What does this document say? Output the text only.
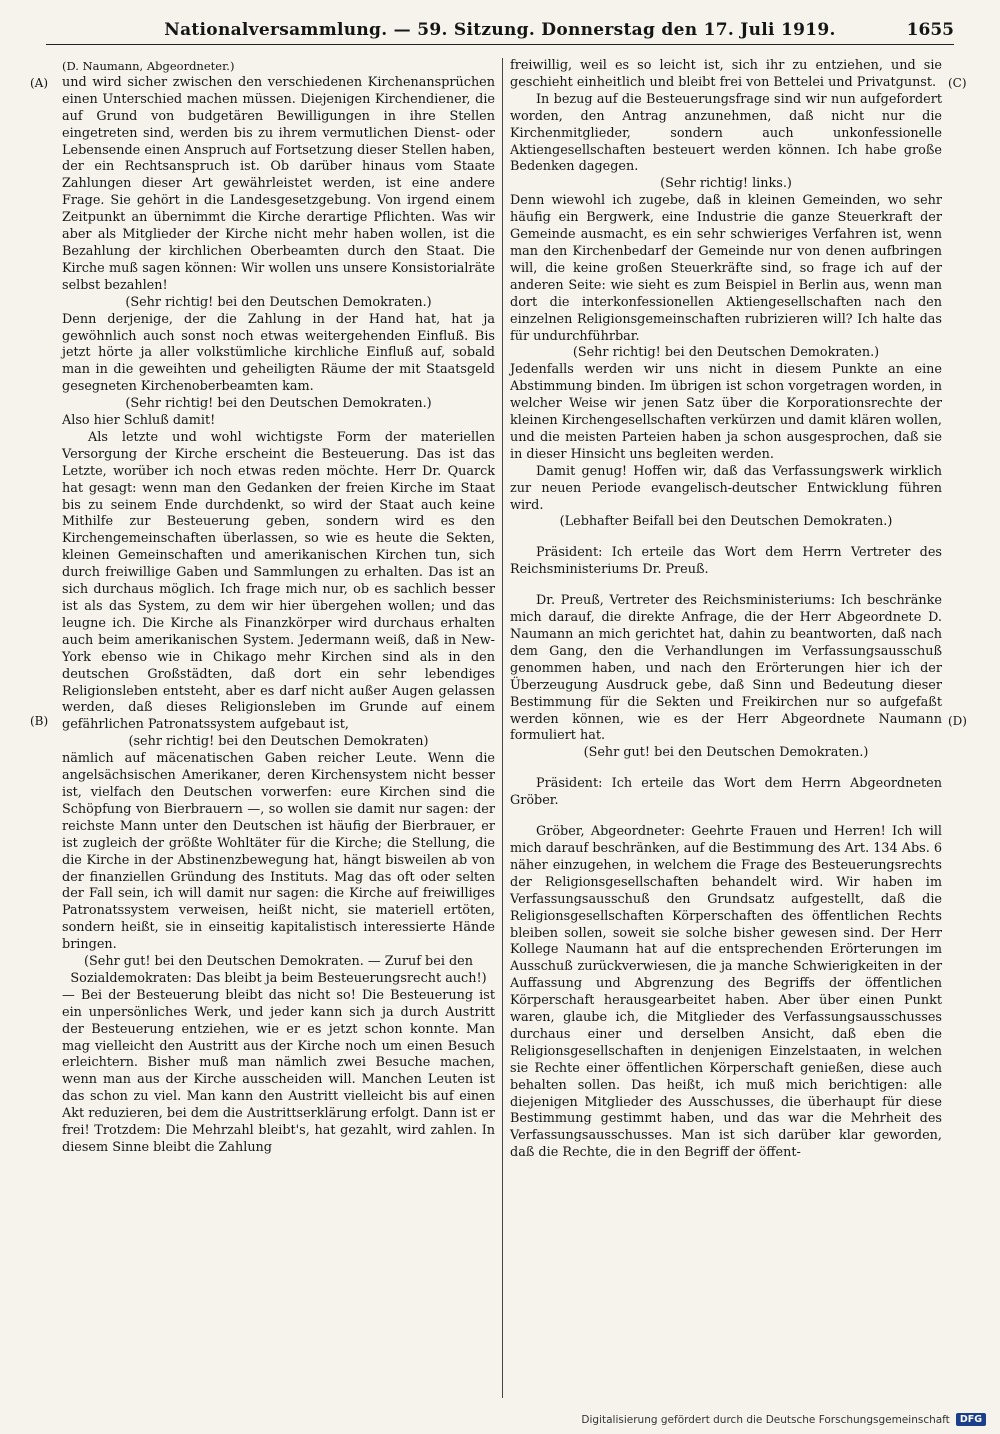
Nationalversammlung. — 59. Sitzung. Donnerstag den 17. Juli 1919.	1655
(A)
(B)
(C)
(D)

(D. Naumann, Abgeordneter.)

und wird sicher zwischen den verschiedenen Kirchenansprüchen einen Unterschied machen müssen. Diejenigen Kirchendiener, die auf Grund von budgetären Bewilligungen in ihre Stellen eingetreten sind, werden bis zu ihrem vermutlichen Dienst- oder Lebensende einen Anspruch auf Fortsetzung dieser Stellen haben, der ein Rechtsanspruch ist. Ob darüber hinaus vom Staate Zahlungen dieser Art gewährleistet werden, ist eine andere Frage. Sie gehört in die Landesgesetzgebung. Von irgend einem Zeitpunkt an übernimmt die Kirche derartige Pflichten. Was wir aber als Mitglieder der Kirche nicht mehr haben wollen, ist die Bezahlung der kirchlichen Oberbeamten durch den Staat. Die Kirche muß sagen können: Wir wollen uns unsere Konsistorialräte selbst bezahlen!

(Sehr richtig! bei den Deutschen Demokraten.)

Denn derjenige, der die Zahlung in der Hand hat, hat ja gewöhnlich auch sonst noch etwas weitergehenden Einfluß. Bis jetzt hörte ja aller volkstümliche kirchliche Einfluß auf, sobald man in die geweihten und geheiligten Räume der mit Staatsgeld gesegneten Kirchenoberbeamten kam.

(Sehr richtig! bei den Deutschen Demokraten.)

Also hier Schluß damit!

Als letzte und wohl wichtigste Form der materiellen Versorgung der Kirche erscheint die Besteuerung. Das ist das Letzte, worüber ich noch etwas reden möchte. Herr Dr. Quarck hat gesagt: wenn man den Gedanken der freien Kirche im Staat bis zu seinem Ende durchdenkt, so wird der Staat auch keine Mithilfe zur Besteuerung geben, sondern wird es den Kirchengemeinschaften überlassen, so wie es heute die Sekten, kleinen Gemeinschaften und amerikanischen Kirchen tun, sich durch freiwillige Gaben und Sammlungen zu erhalten. Das ist an sich durchaus möglich. Ich frage mich nur, ob es sachlich besser ist als das System, zu dem wir hier übergehen wollen; und das leugne ich. Die Kirche als Finanzkörper wird durchaus erhalten auch beim amerikanischen System. Jedermann weiß, daß in New-York ebenso wie in Chikago mehr Kirchen sind als in den deutschen Großstädten, daß dort ein sehr lebendiges Religionsleben entsteht, aber es darf nicht außer Augen gelassen werden, daß dieses Religionsleben im Grunde auf einem gefährlichen Patronatssystem aufgebaut ist,

(sehr richtig! bei den Deutschen Demokraten)

nämlich auf mäcenatischen Gaben reicher Leute. Wenn die angelsächsischen Amerikaner, deren Kirchensystem nicht besser ist, vielfach den Deutschen vorwerfen: eure Kirchen sind die Schöpfung von Bierbrauern —, so wollen sie damit nur sagen: der reichste Mann unter den Deutschen ist häufig der Bierbrauer, er ist zugleich der größte Wohltäter für die Kirche; die Stellung, die die Kirche in der Abstinenzbewegung hat, hängt bisweilen ab von der finanziellen Gründung des Instituts. Mag das oft oder selten der Fall sein, ich will damit nur sagen: die Kirche auf freiwilliges Patronatssystem verweisen, heißt nicht, sie materiell ertöten, sondern heißt, sie in einseitig kapitalistisch interessierte Hände bringen.

(Sehr gut! bei den Deutschen Demokraten. — Zuruf bei den Sozialdemokraten: Das bleibt ja beim Besteuerungsrecht auch!)

— Bei der Besteuerung bleibt das nicht so! Die Besteuerung ist ein unpersönliches Werk, und jeder kann sich ja durch Austritt der Besteuerung entziehen, wie er es jetzt schon konnte. Man mag vielleicht den Austritt aus der Kirche noch um einen Besuch erleichtern. Bisher muß man nämlich zwei Besuche machen, wenn man aus der Kirche ausscheiden will. Manchen Leuten ist das schon zu viel. Man kann den Austritt vielleicht bis auf einen Akt reduzieren, bei dem die Austrittserklärung erfolgt. Dann ist er frei! Trotzdem: Die Mehrzahl bleibt's, hat gezahlt, wird zahlen. In diesem Sinne bleibt die Zahlung

freiwillig, weil es so leicht ist, sich ihr zu entziehen, und sie geschieht einheitlich und bleibt frei von Bettelei und Privatgunst.

In bezug auf die Besteuerungsfrage sind wir nun aufgefordert worden, den Antrag anzunehmen, daß nicht nur die Kirchenmitglieder, sondern auch unkonfessionelle Aktiengesellschaften besteuert werden können. Ich habe große Bedenken dagegen.

(Sehr richtig! links.)

Denn wiewohl ich zugebe, daß in kleinen Gemeinden, wo sehr häufig ein Bergwerk, eine Industrie die ganze Steuerkraft der Gemeinde ausmacht, es ein sehr schwieriges Verfahren ist, wenn man den Kirchenbedarf der Gemeinde nur von denen aufbringen will, die keine großen Steuerkräfte sind, so frage ich auf der anderen Seite: wie sieht es zum Beispiel in Berlin aus, wenn man dort die interkonfessionellen Aktiengesellschaften nach den einzelnen Religionsgemeinschaften rubrizieren will? Ich halte das für undurchführbar.

(Sehr richtig! bei den Deutschen Demokraten.)

Jedenfalls werden wir uns nicht in diesem Punkte an eine Abstimmung binden. Im übrigen ist schon vorgetragen worden, in welcher Weise wir jenen Satz über die Korporationsrechte der kleinen Kirchengesellschaften verkürzen und damit klären wollen, und die meisten Parteien haben ja schon ausgesprochen, daß sie in dieser Hinsicht uns begleiten werden.

Damit genug! Hoffen wir, daß das Verfassungswerk wirklich zur neuen Periode evangelisch-deutscher Entwicklung führen wird.

(Lebhafter Beifall bei den Deutschen Demokraten.)

Präsident: Ich erteile das Wort dem Herrn Vertreter des Reichsministeriums Dr. Preuß.

Dr. Preuß, Vertreter des Reichsministeriums: Ich beschränke mich darauf, die direkte Anfrage, die der Herr Abgeordnete D. Naumann an mich gerichtet hat, dahin zu beantworten, daß nach dem Gang, den die Verhandlungen im Verfassungsausschuß genommen haben, und nach den Erörterungen hier ich der Überzeugung Ausdruck gebe, daß Sinn und Bedeutung dieser Bestimmung für die Sekten und Freikirchen nur so aufgefaßt werden können, wie es der Herr Abgeordnete Naumann formuliert hat.

(Sehr gut! bei den Deutschen Demokraten.)

Präsident: Ich erteile das Wort dem Herrn Abgeordneten Gröber.

Gröber, Abgeordneter: Geehrte Frauen und Herren! Ich will mich darauf beschränken, auf die Bestimmung des Art. 134 Abs. 6 näher einzugehen, in welchem die Frage des Besteuerungsrechts der Religionsgesellschaften behandelt wird. Wir haben im Verfassungsausschuß den Grundsatz aufgestellt, daß die Religionsgesellschaften Körperschaften des öffentlichen Rechts bleiben sollen, soweit sie solche bisher gewesen sind. Der Herr Kollege Naumann hat auf die entsprechenden Erörterungen im Ausschuß zurückverwiesen, die ja manche Schwierigkeiten in der Auffassung und Abgrenzung des Begriffs der öffentlichen Körperschaft herausgearbeitet haben. Aber über einen Punkt waren, glaube ich, die Mitglieder des Verfassungsausschusses durchaus einer und derselben Ansicht, daß eben die Religionsgesellschaften in denjenigen Einzelstaaten, in welchen sie Rechte einer öffentlichen Körperschaft genießen, diese auch behalten sollen. Das heißt, ich muß mich berichtigen: alle diejenigen Mitglieder des Ausschusses, die überhaupt für diese Bestimmung gestimmt haben, und das war die Mehrheit des Verfassungsausschusses. Man ist sich darüber klar geworden, daß die Rechte, die in den Begriff der öffent-

Digitalisierung gefördert durch die Deutsche Forschungsgemeinschaft	DFG
